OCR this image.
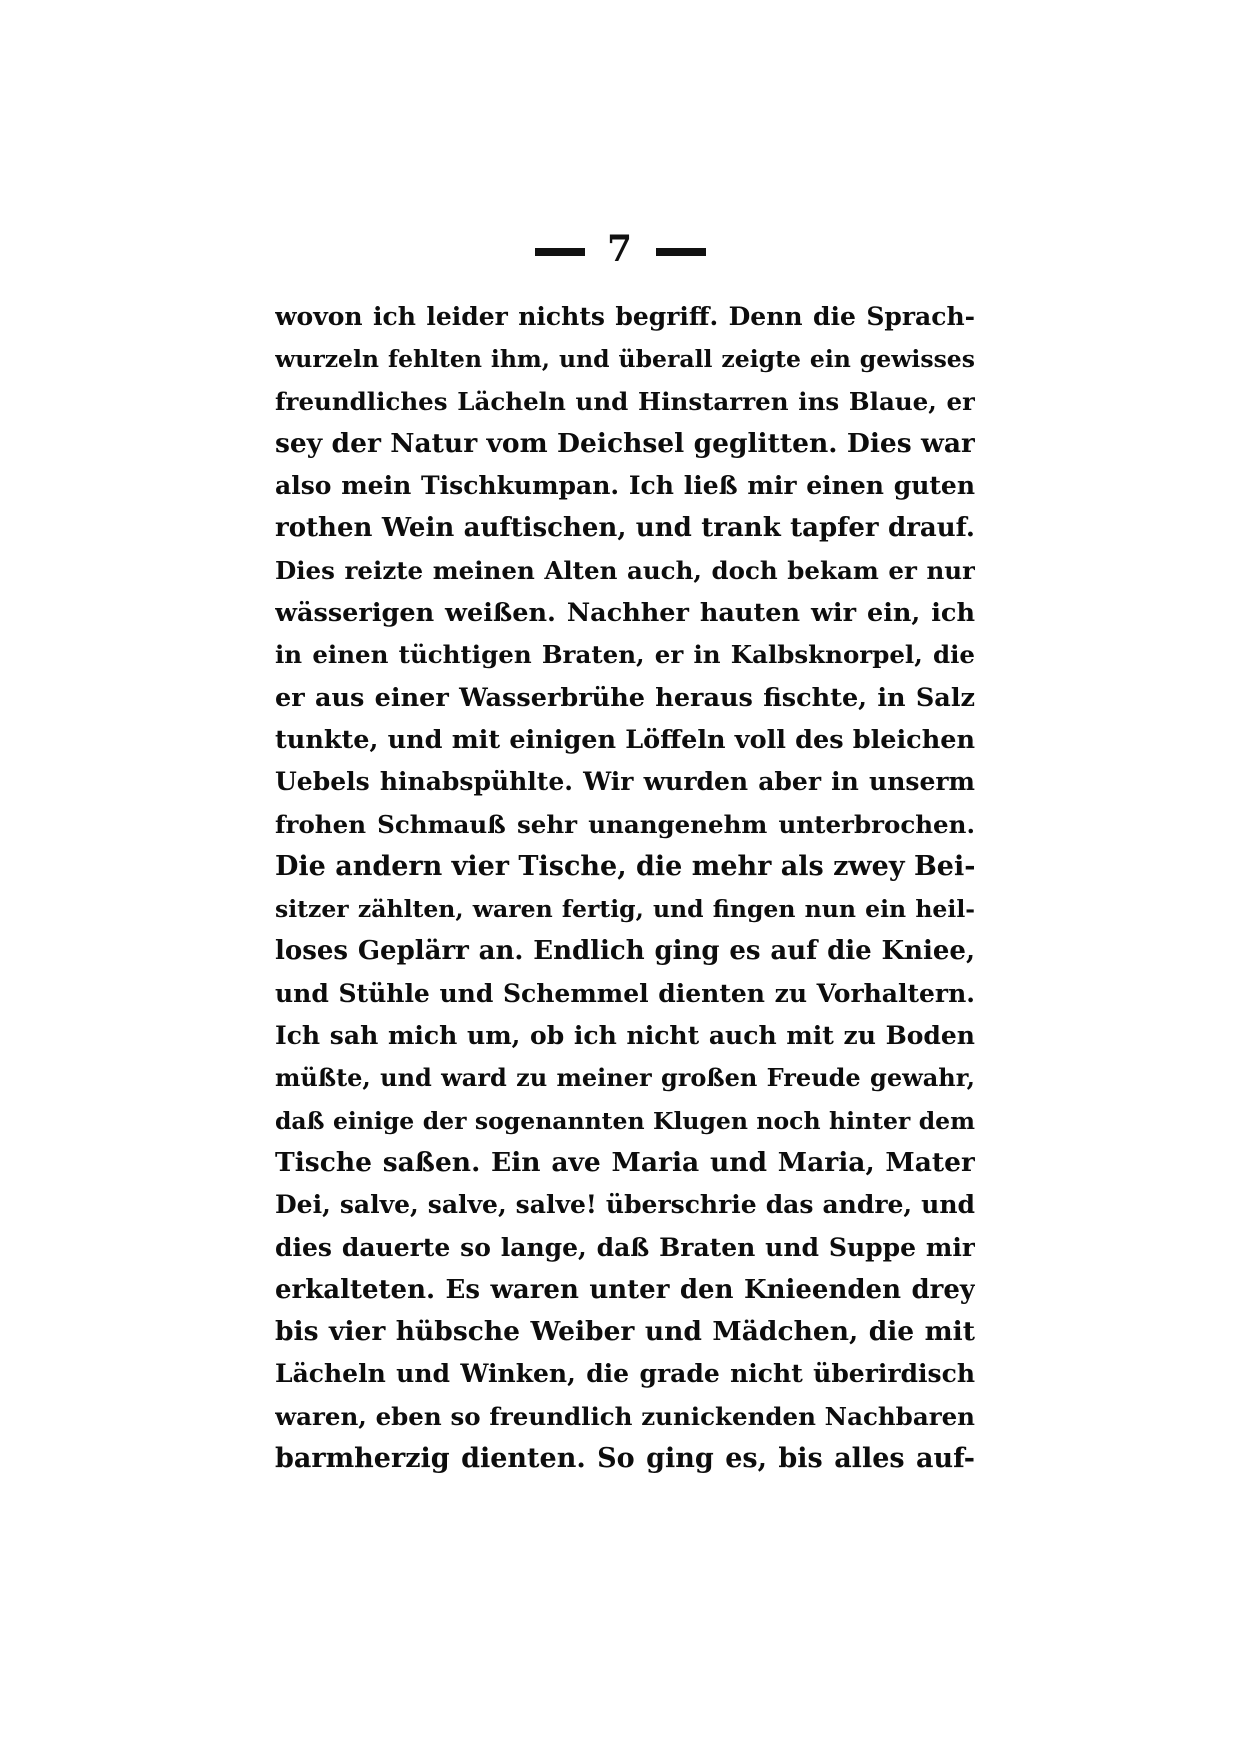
7
wovon ich leider nichts begriff. Denn die Sprach-
wurzeln fehlten ihm, und überall zeigte ein gewisses
freundliches Lächeln und Hinstarren ins Blaue, er
sey der Natur vom Deichsel geglitten. Dies war
also mein Tischkumpan. Ich ließ mir einen guten
rothen Wein auftischen, und trank tapfer drauf.
Dies reizte meinen Alten auch, doch bekam er nur
wässerigen weißen. Nachher hauten wir ein, ich
in einen tüchtigen Braten, er in Kalbsknorpel, die
er aus einer Wasserbrühe heraus fischte, in Salz
tunkte, und mit einigen Löffeln voll des bleichen
Uebels hinabspühlte. Wir wurden aber in unserm
frohen Schmauß sehr unangenehm unterbrochen.
Die andern vier Tische, die mehr als zwey Bei-
sitzer zählten, waren fertig, und fingen nun ein heil-
loses Geplärr an. Endlich ging es auf die Kniee,
und Stühle und Schemmel dienten zu Vorhaltern.
Ich sah mich um, ob ich nicht auch mit zu Boden
müßte, und ward zu meiner großen Freude gewahr,
daß einige der sogenannten Klugen noch hinter dem
Tische saßen. Ein ave Maria und Maria, Mater
Dei, salve, salve, salve! überschrie das andre, und
dies dauerte so lange, daß Braten und Suppe mir
erkalteten. Es waren unter den Knieenden drey
bis vier hübsche Weiber und Mädchen, die mit
Lächeln und Winken, die grade nicht überirdisch
waren, eben so freundlich zunickenden Nachbaren
barmherzig dienten. So ging es, bis alles auf-
